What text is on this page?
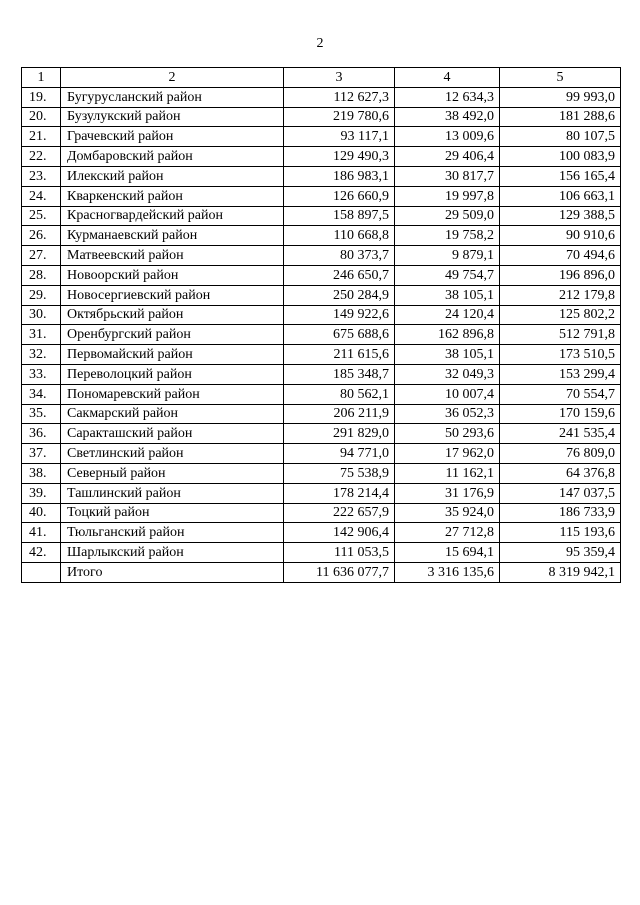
2
1	2	3	4	5
19.	Бугурусланский район	112 627,3	12 634,3	99 993,0
20.	Бузулукский район	219 780,6	38 492,0	181 288,6
21.	Грачевский район	93 117,1	13 009,6	80 107,5
22.	Домбаровский район	129 490,3	29 406,4	100 083,9
23.	Илекский район	186 983,1	30 817,7	156 165,4
24.	Кваркенский район	126 660,9	19 997,8	106 663,1
25.	Красногвардейский район	158 897,5	29 509,0	129 388,5
26.	Курманаевский район	110 668,8	19 758,2	90 910,6
27.	Матвеевский район	80 373,7	9 879,1	70 494,6
28.	Новоорский район	246 650,7	49 754,7	196 896,0
29.	Новосергиевский район	250 284,9	38 105,1	212 179,8
30.	Октябрьский район	149 922,6	24 120,4	125 802,2
31.	Оренбургский район	675 688,6	162 896,8	512 791,8
32.	Первомайский район	211 615,6	38 105,1	173 510,5
33.	Переволоцкий район	185 348,7	32 049,3	153 299,4
34.	Пономаревский район	80 562,1	10 007,4	70 554,7
35.	Сакмарский район	206 211,9	36 052,3	170 159,6
36.	Саракташский район	291 829,0	50 293,6	241 535,4
37.	Светлинский район	94 771,0	17 962,0	76 809,0
38.	Северный район	75 538,9	11 162,1	64 376,8
39.	Ташлинский район	178 214,4	31 176,9	147 037,5
40.	Тоцкий район	222 657,9	35 924,0	186 733,9
41.	Тюльганский район	142 906,4	27 712,8	115 193,6
42.	Шарлыкский район	111 053,5	15 694,1	95 359,4
	Итого	11 636 077,7	3 316 135,6	8 319 942,1
